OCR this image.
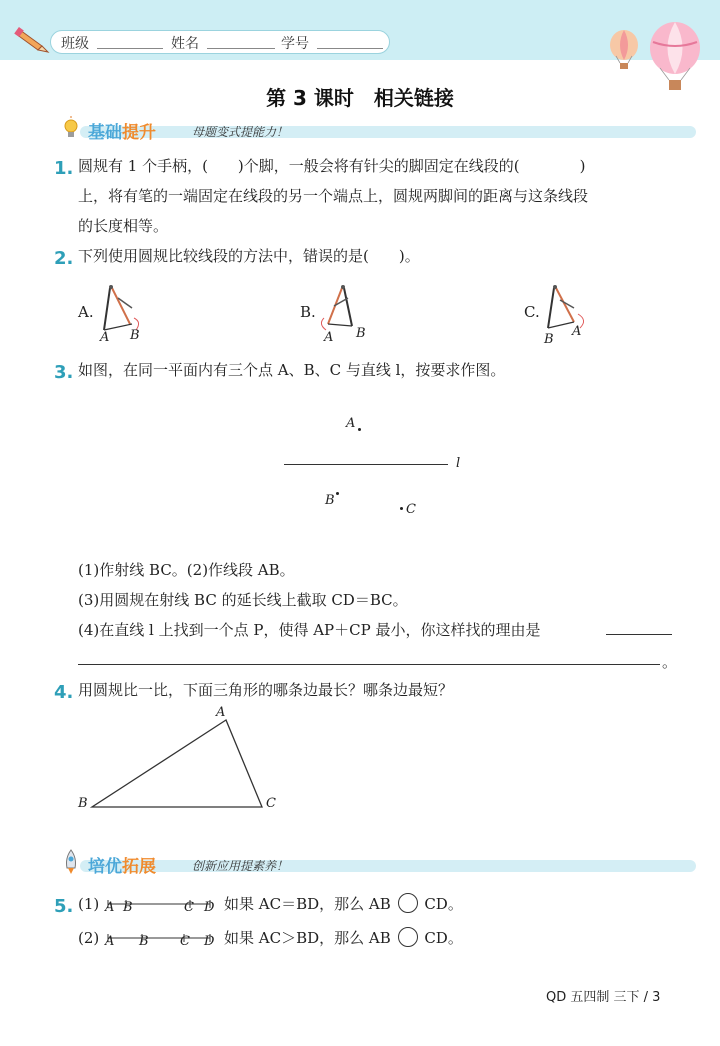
班级	姓名	学号
第 3 课时　相关链接
基础提升	母题变式提能力！
1. 圆规有 1 个手柄，(　　)个脚，一般会将有针尖的脚固定在线段的(　　　　)
上，将有笔的一端固定在线段的另一个端点上，圆规两脚间的距离与这条线段
的长度相等。
2. 下列使用圆规比较线段的方法中，错误的是(　　)。
A.
A B
B.
A B
C.
B
A
3. 如图，在同一平面内有三个点 A、B、C 与直线 l，按要求作图。
A
l
B
C
(1)作射线 BC。(2)作线段 AB。
(3)用圆规在射线 BC 的延长线上截取 CD＝BC。
(4)在直线 l 上找到一个点 P，使得 AP＋CP 最小，你这样找的理由是
。
4. 用圆规比一比，下面三角形的哪条边最长？哪条边最短？
A
B	C
培优拓展	创新应用提素养！
5. (1) A B	C D 如果 AC＝BD，那么 AB CD。
(2) A B C D 如果 AC＞BD，那么 AB CD。
QD 五四制 三下 / 3
